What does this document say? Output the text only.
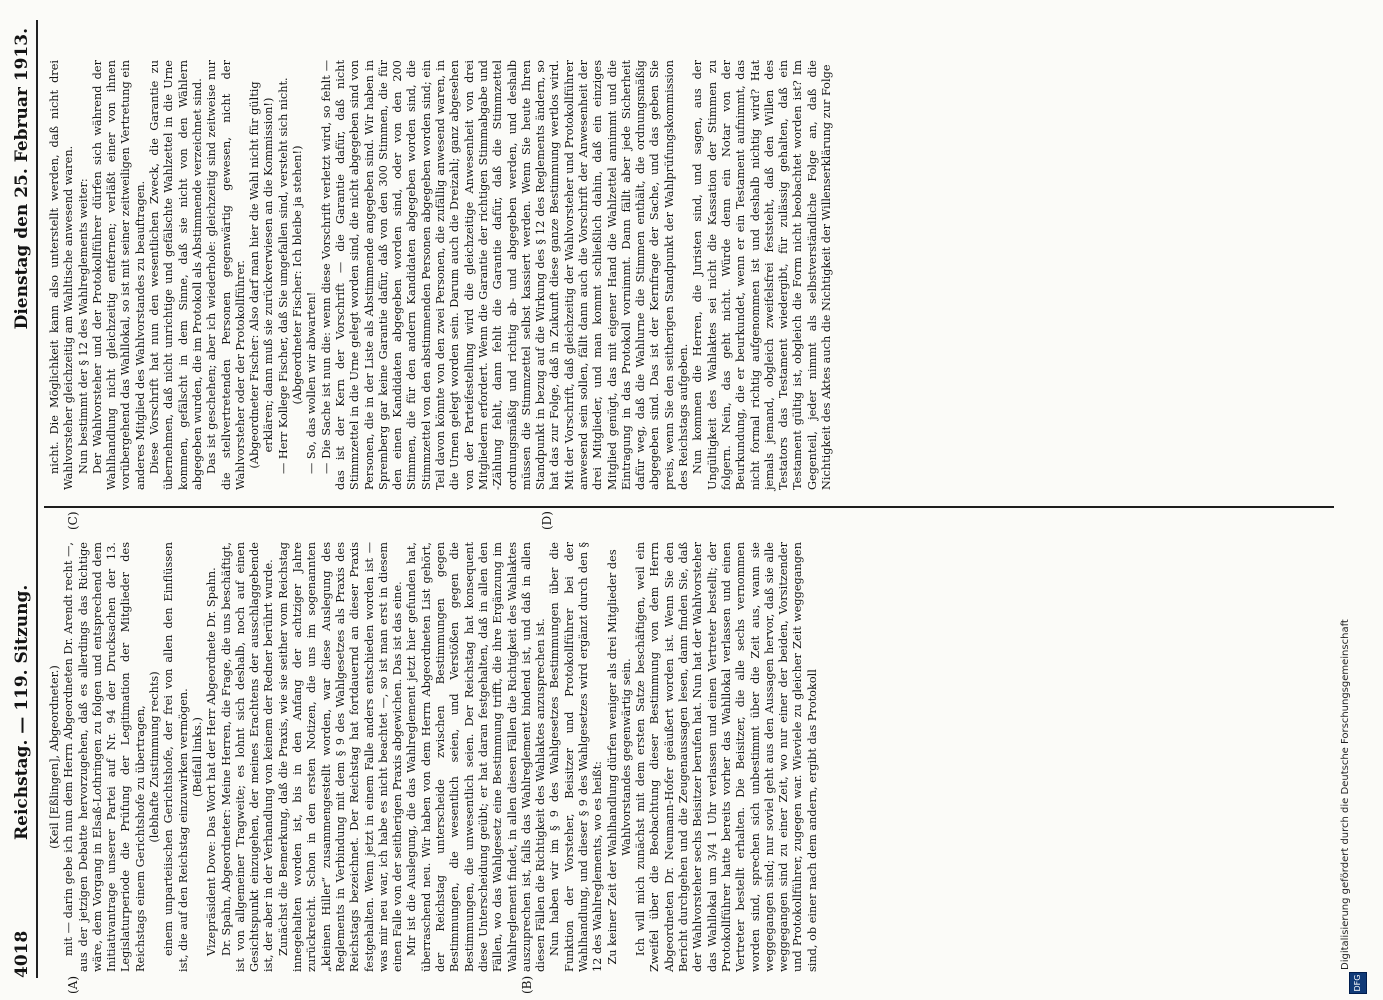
4018
Reichstag. — 119. Sitzung.
Dienstag den 25. Februar 1913.
(A)	(B)
(C)	(D)

(Keil [Eßlingen], Abgeordneter.) mit — darin gebe ich nun dem Herrn Abgeordneten Dr. Arendt recht —, aus der jetzigen Debatte hervorzugehen, daß es allerdings das Richtige wäre, dem Vorgang in Elsaß-Lothringen zu folgen und entsprechend dem Initiativantrage unserer Partei auf Nr. 94 der Drucksachen der 13. Legislaturperiode die Prüfung der Legitimation der Mitglieder des Reichstags einem Gerichtshofe zu übertragen, (lebhafte Zustimmung rechts) einem unparteiischen Gerichtshofe, der frei von allen den Einflüssen ist, die auf den Reichstag einzuwirken vermögen. (Beifall links.) Vizepräsident Dove: Das Wort hat der Herr Abgeordnete Dr. Spahn. Dr. Spahn, Abgeordneter: Meine Herren, die Frage, die uns beschäftigt, ist von allgemeiner Tragweite; es lohnt sich deshalb, noch auf einen Gesichtspunkt einzugehen, der meines Erachtens der ausschlaggebende ist, der aber in der Verhandlung von keinem der Redner berührt wurde. Zunächst die Bemerkung, daß die Praxis, wie sie seither vom Reichstag innegehalten worden ist, bis in den Anfang der achtziger Jahre zurückreicht. Schon in den ersten Notizen, die uns im sogenannten „kleinen Hiller“ zusammengestellt worden, war diese Auslegung des Reglements in Verbindung mit dem § 9 des Wahlgesetzes als Praxis des Reichstags bezeichnet. Der Reichstag hat fortdauernd an dieser Praxis festgehalten. Wenn jetzt in einem Falle anders entschieden worden ist — was mir neu war, ich habe es nicht beachtet —, so ist man erst in diesem einen Falle von der seitherigen Praxis abgewichen. Das ist das eine. Mir ist die Auslegung, die das Wahlreglement jetzt hier gefunden hat, überraschend neu. Wir haben von dem Herrn Abgeordneten List gehört, der Reichstag unterscheide zwischen Bestimmungen gegen Bestimmungen, die wesentlich seien, und Verstößen gegen die Bestimmungen, die unwesentlich seien. Der Reichstag hat konsequent diese Unterscheidung geübt; er hat daran festgehalten, daß in allen den Fällen, wo das Wahlgesetz eine Bestimmung trifft, die ihre Ergänzung im Wahlreglement findet, in allen diesen Fällen die Richtigkeit des Wahlaktes auszuprechen ist, falls das Wahlreglement bindend ist, und daß in allen diesen Fällen die Richtigkeit des Wahlaktes anzusprechen ist. Nun haben wir im § 9 des Wahlgesetzes Bestimmungen über die Funktion der Vorsteher, Beisitzer und Protokollführer bei der Wahlhandlung, und dieser § 9 des Wahlgesetzes wird ergänzt durch den § 12 des Wahlreglements, wo es heißt: Zu keiner Zeit der Wahlhandlung dürfen weniger als drei Mitglieder des Wahlvorstandes gegenwärtig sein. Ich will mich zunächst mit dem ersten Satze beschäftigen, weil ein Zweifel über die Beobachtung dieser Bestimmung von dem Herrn Abgeordneten Dr. Neumann-Hofer geäußert worden ist. Wenn Sie den Bericht durchgehen und die Zeugenaussagen lesen, dann finden Sie, daß der Wahlvorsteher sechs Beisitzer berufen hat. Nun hat der Wahlvorsteher das Wahllokal um 3/4 1 Uhr verlassen und einen Vertreter bestellt; der Protokollführer hatte bereits vorher das Wahllokal verlassen und einen Vertreter bestellt erhalten. Die Beisitzer, die alle sechs vernommen worden sind, sprechen sich unbestimmt über die Zeit aus, wann sie weggegangen sind; nur soviel geht aus den Aussagen hervor, daß sie alle weggegangen sind zu einer Zeit, wo nur einer der beiden, Vorsitzender und Protokollführer, zugegen war. Wieviele zu gleicher Zeit weggegangen sind, ob einer nach dem andern, ergibt das Protokoll

nicht. Die Möglichkeit kann also unterstellt werden, daß nicht drei Wahlvorsteher gleichzeitig am Wahltische anwesend waren. Nun bestimmt der § 12 des Wahlreglements weiter: Der Wahlvorsteher und der Protokollführer dürfen sich während der Wahlhandlung nicht gleichzeitig entfernen; verläßt einer von ihnen vorübergehend das Wahllokal, so ist mit seiner zeitweiligen Vertretung ein anderes Mitglied des Wahlvorstandes zu beauftragen. Diese Vorschrift hat nun den wesentlichen Zweck, die Garantie zu übernehmen, daß nicht unrichtige und gefälschte Wahlzettel in die Urne kommen, gefälscht in dem Sinne, daß sie nicht von den Wählern abgegeben wurden, die im Protokoll als Abstimmende verzeichnet sind. Das ist geschehen; aber ich wiederhole: gleichzeitig sind zeitweise nur die stellvertretenden Personen gegenwärtig gewesen, nicht der Wahlvorsteher oder der Protokollführer. (Abgeordneter Fischer: Also darf man hier die Wahl nicht für gültig erklären; dann muß sie zurückverwiesen an die Kommission!) — Herr Kollege Fischer, daß Sie umgefallen sind, versteht sich nicht. (Abgeordneter Fischer: Ich bleibe ja stehen!) — So, das wollen wir abwarten! — Die Sache ist nun die: wenn diese Vorschrift verletzt wird, so fehlt — das ist der Kern der Vorschrift — die Garantie dafür, daß nicht Stimmzettel in die Urne gelegt worden sind, die nicht abgegeben sind von Personen, die in der Liste als Abstimmende angegeben sind. Wir haben in Spremberg gar keine Garantie dafür, daß von den 300 Stimmen, die für den einen Kandidaten abgegeben worden sind, oder von den 200 Stimmen, die für den andern Kandidaten abgegeben worden sind, die Stimmzettel von den abstimmenden Personen abgegeben worden sind; ein Teil davon könnte von den zwei Personen, die zufällig anwesend waren, in die Urnen gelegt worden sein. Darum auch die Dreizahl; ganz abgesehen von der Parteifestellung wird die gleichzeitige Anwesenheit von drei Mitgliedern erfordert. Wenn die Garantie der richtigen Stimmabgabe und -Zählung fehlt, dann fehlt die Garantie dafür, daß die Stimmzettel ordnungsmäßig und richtig ab- und abgegeben werden, und deshalb müssen die Stimmzettel selbst kassiert werden. Wenn Sie heute Ihren Standpunkt in bezug auf die Wirkung des § 12 des Reglements ändern, so hat das zur Folge, daß in Zukunft diese ganze Bestimmung wertlos wird. Mit der Vorschrift, daß gleichzeitig der Wahlvorsteher und Protokollführer anwesend sein sollen, fällt dann auch die Vorschrift der Anwesenheit der drei Mitglieder, und man kommt schließlich dahin, daß ein einziges Mitglied genügt, das mit eigener Hand die Wahlzettel annimmt und die Eintragung in das Protokoll vornimmt. Dann fällt aber jede Sicherheit dafür weg, daß die Wahlurne die Stimmen enthält, die ordnungsmäßig abgegeben sind. Das ist der Kernfrage der Sache, und das geben Sie preis, wenn Sie den seitherigen Standpunkt der Wahlprüfungskommission des Reichstags aufgeben. Nun kommen die Herren, die Juristen sind, und sagen, aus der Ungültigkeit des Wahlaktes sei nicht die Kassation der Stimmen zu folgern. Nein, das geht nicht. Würde denn ein Notar von der Beurkundung, die er beurkundet, wenn er ein Testament aufnimmt, das nicht formal richtig aufgenommen ist und deshalb nichtig wird? Hat jemals jemand, obgleich zweifelsfrei feststeht, daß den Willen des Testators das Testament wiedergibt, für zulässig gehalten, daß ein Testament gültig ist, obgleich die Form nicht beobachtet worden ist? Im Gegenteil, jeder nimmt als selbstverständliche Folge an, daß die Nichtigkeit des Aktes auch die Nichtigkeit der Willenserklärung zur Folge

DFG
Digitalisierung gefördert durch die Deutsche Forschungsgemeinschaft
